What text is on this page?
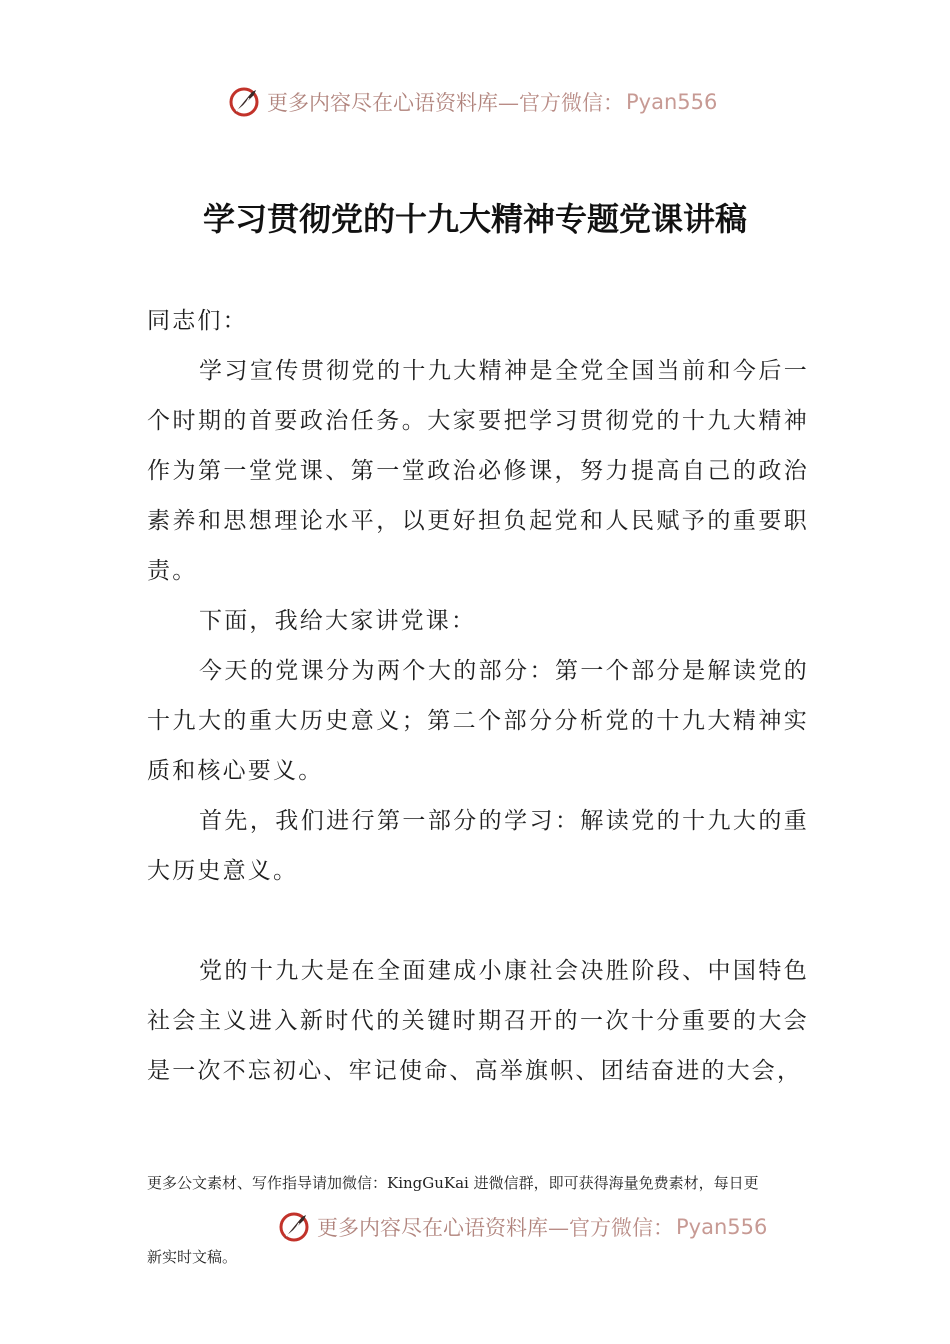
更多内容尽在心语资料库 —官方微信： Pyan556
学习贯彻党的十九大精神专题党课讲稿

同志们：

学习宣传贯彻党的十九大精神是全党全国当前和今后一个时期的首要政治任务。大家要把学习贯彻党的十九大精神作为第一堂党课、第一堂政治必修课，努力提高自己的政治素养和思想理论水平，以更好担负起党和人民赋予的重要职责。

下面，我给大家讲党课：

今天的党课分为两个大的部分：第一个部分是解读党的十九大的重大历史意义；第二个部分分析党的十九大精神实质和核心要义。

首先，我们进行第一部分的学习：解读党的十九大的重大历史意义。

党的十九大是在全面建成小康社会决胜阶段、中国特色社会主义进入新时代的关键时期召开的一次十分重要的大会是一次不忘初心、牢记使命、高举旗帜、团结奋进的大会，

更多公文素材、写作指导请加微信：KingGuKai 进微信群，即可获得海量免费素材，每日更
更多内容尽在心语资料库 —官方微信： Pyan556
新实时文稿。
